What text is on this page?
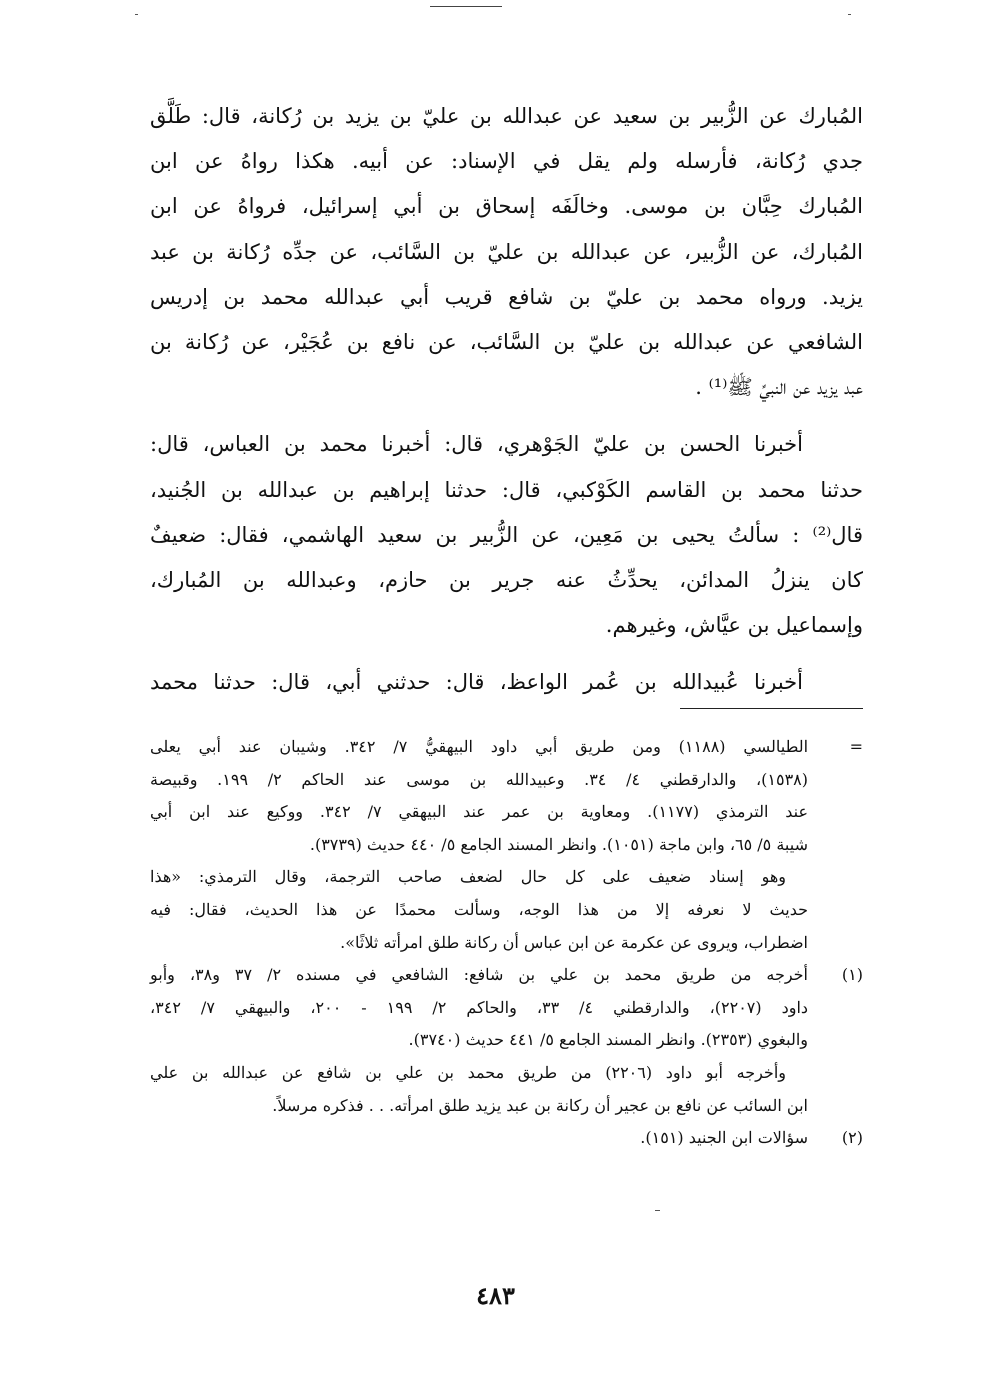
المُبارك عن الزُّبير بن سعيد عن عبدالله بن عليّ بن يزيد بن رُكانة، قال: طَلَّق
جدي رُكانة، فأرسله ولم يقل في الإسناد: عن أبيه. هكذا رواهُ عن ابن
المُبارك حِبَّان بن موسى. وخالَفَه إسحاق بن أبي إسرائيل، فرواهُ عن ابن
المُبارك، عن الزُّبير، عن عبدالله بن عليّ بن السَّائب، عن جدِّه رُكانة بن عبد
يزيد. ورواه محمد بن عليّ بن شافع قريب أبي عبدالله محمد بن إدريس
الشافعي عن عبدالله بن عليّ بن السَّائب، عن نافع بن عُجَيْر، عن رُكانة بن
عبد يزيد عن النبيِّ ﷺ⁽¹⁾ .

أخبرنا الحسن بن عليّ الجَوْهري، قال: أخبرنا محمد بن العباس، قال:
حدثنا محمد بن القاسم الكَوْكبي، قال: حدثنا إبراهيم بن عبدالله بن الجُنيد،
قال⁽²⁾ : سألتُ يحيى بن مَعِين، عن الزُّبير بن سعيد الهاشمي، فقال: ضعيفٌ
كان ينزلُ المدائن، يحدِّثُ عنه جرير بن حازم، وعبدالله بن المُبارك،
وإسماعيل بن عيَّاش، وغيرهم.

أخبرنا عُبيدالله بن عُمر الواعظ، قال: حدثني أبي، قال: حدثنا محمد

=
الطيالسي (١١٨٨) ومن طريق أبي داود البيهقيُّ ٧/ ٣٤٢. وشيبان عند أبي يعلى
(١٥٣٨)، والدارقطني ٤/ ٣٤. وعبيدالله بن موسى عند الحاكم ٢/ ١٩٩. وقبيصة
عند الترمذي (١١٧٧). ومعاوية بن عمر عند البيهقي ٧/ ٣٤٢. ووكيع عند ابن أبي
شيبة ٥/ ٦٥، وابن ماجة (١٠٥١). وانظر المسند الجامع ٥/ ٤٤٠ حديث (٣٧٣٩).
وهو إسناد ضعيف على كل حال لضعف صاحب الترجمة، وقال الترمذي: «هذا
حديث لا نعرفه إلا من هذا الوجه، وسألت محمدًا عن هذا الحديث، فقال: فيه
اضطراب، ويروى عن عكرمة عن ابن عباس أن ركانة طلق امرأته ثلاثًا».
(١)
أخرجه من طريق محمد بن علي بن شافع: الشافعي في مسنده ٢/ ٣٧ و٣٨، وأبو
داود (٢٢٠٧)، والدارقطني ٤/ ٣٣، والحاكم ٢/ ١٩٩ - ٢٠٠، والبيهقي ٧/ ٣٤٢،
والبغوي (٢٣٥٣). وانظر المسند الجامع ٥/ ٤٤١ حديث (٣٧٤٠).
وأخرجه أبو داود (٢٢٠٦) من طريق محمد بن علي بن شافع عن عبدالله بن علي
ابن السائب عن نافع بن عجير أن ركانة بن عبد يزيد طلق امرأته. . . فذكره مرسلاً.
(٢)
سؤالات ابن الجنيد (١٥١).
٤٨٣
